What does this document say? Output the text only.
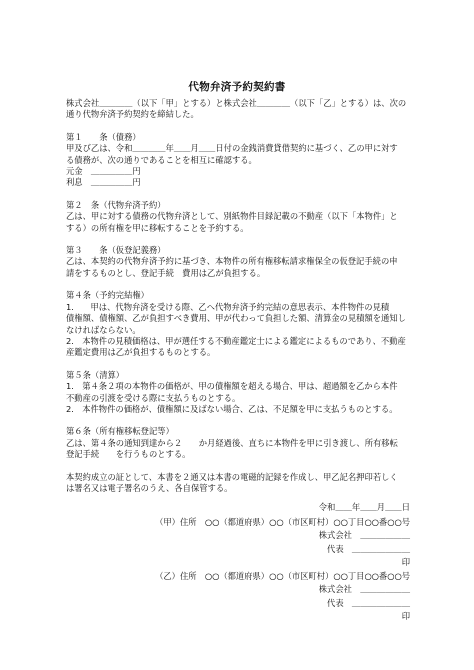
代物弁済予約契約書

株式会社＿＿＿＿（以下「甲」とする）と株式会社＿＿＿＿（以下「乙」とする）は、次の

通り代物弁済予約契約を締結した。

第１　　条（債務）

甲及び乙は、令和＿＿＿＿年＿＿月＿＿日付の金銭消費貸借契約に基づく、乙の甲に対す

る債務が、次の通りであることを相互に確認する。

元金　＿＿＿＿＿円

利息　＿＿＿＿＿円

第２　条（代物弁済予約）

乙は、甲に対する債務の代物弁済として、別紙物件目録記載の不動産（以下「本物件」と

する）の所有権を甲に移転することを予約する。

第３　　条（仮登記義務）

乙は、本契約の代物弁済予約に基づき、本物件の所有権移転請求権保全の仮登記手続の申

請をするものとし、登記手続　費用は乙が負担する。

第４条（予約完結権）

1.　　甲は、代物弁済を受ける際、乙へ代物弁済予約完結の意思表示、本件物件の見積

債権額、債権額、乙が負担すべき費用、甲が代わって負担した額、清算金の見積額を通知し

なければならない。

2.　本物件の見積価格は、甲が選任する不動産鑑定士による鑑定によるものであり、不動産

産鑑定費用は乙が負担するものとする。

第５条（清算）

1.　第４条２項の本物件の価格が、甲の債権額を超える場合、甲は、超過額を乙から本件

不動産の引渡を受ける際に支払うものとする。

2.　本件物件の価格が、債権額に及ばない場合、乙は、不足額を甲に支払うものとする。

第６条（所有権移転登記等）

乙は、第４条の通知到達から２　　か月経過後、直ちに本物件を甲に引き渡し、所有移転

登記手続　　を行うものとする。

本契約成立の証として、本書を２通又は本書の電磁的記録を作成し、甲乙記名押印若しく

は署名又は電子署名のうえ、各自保管する。

令和＿＿年＿＿月＿＿日
（甲）住所　○○（都道府県）○○（市区町村）○○丁目○○番○○号
株式会社　＿＿＿＿＿＿
代表　＿＿＿＿＿＿＿
印
（乙）住所　○○（都道府県）○○（市区町村）○○丁目○○番○○号
株式会社　＿＿＿＿＿＿
代表　＿＿＿＿＿＿＿
印
